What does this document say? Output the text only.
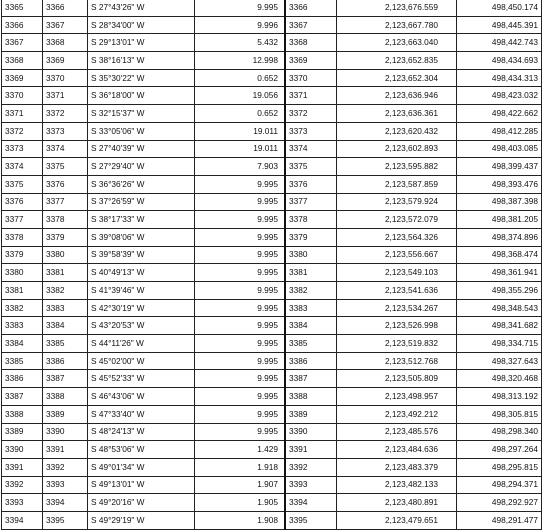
3365	3366	S 27°43'26" W	9.995	3366	2,123,676.559	498,450.174
3366	3367	S 28°34'00" W	9.996	3367	2,123,667.780	498,445.391
3367	3368	S 29°13'01" W	5.432	3368	2,123,663.040	498,442.743
3368	3369	S 38°16'13" W	12.998	3369	2,123,652.835	498,434.693
3369	3370	S 35°30'22" W	0.652	3370	2,123,652.304	498,434.313
3370	3371	S 36°18'00" W	19.056	3371	2,123,636.946	498,423.032
3371	3372	S 32°15'37" W	0.652	3372	2,123,636.361	498,422.662
3372	3373	S 33°05'06" W	19.011	3373	2,123,620.432	498,412.285
3373	3374	S 27°40'39" W	19.011	3374	2,123,602.893	498,403.085
3374	3375	S 27°29'40" W	7.903	3375	2,123,595.882	498,399.437
3375	3376	S 36°36'26" W	9.995	3376	2,123,587.859	498,393.476
3376	3377	S 37°26'59" W	9.995	3377	2,123,579.924	498,387.398
3377	3378	S 38°17'33" W	9.995	3378	2,123,572.079	498,381.205
3378	3379	S 39°08'06" W	9.995	3379	2,123,564.326	498,374.896
3379	3380	S 39°58'39" W	9.995	3380	2,123,556.667	498,368.474
3380	3381	S 40°49'13" W	9.995	3381	2,123,549.103	498,361.941
3381	3382	S 41°39'46" W	9.995	3382	2,123,541.636	498,355.296
3382	3383	S 42°30'19" W	9.995	3383	2,123,534.267	498,348.543
3383	3384	S 43°20'53" W	9.995	3384	2,123,526.998	498,341.682
3384	3385	S 44°11'26" W	9.995	3385	2,123,519.832	498,334.715
3385	3386	S 45°02'00" W	9.995	3386	2,123,512.768	498,327.643
3386	3387	S 45°52'33" W	9.995	3387	2,123,505.809	498,320.468
3387	3388	S 46°43'06" W	9.995	3388	2,123,498.957	498,313.192
3388	3389	S 47°33'40" W	9.995	3389	2,123,492.212	498,305.815
3389	3390	S 48°24'13" W	9.995	3390	2,123,485.576	498,298.340
3390	3391	S 48°53'06" W	1.429	3391	2,123,484.636	498,297.264
3391	3392	S 49°01'34" W	1.918	3392	2,123,483.379	498,295.815
3392	3393	S 49°13'01" W	1.907	3393	2,123,482.133	498,294.371
3393	3394	S 49°20'16" W	1.905	3394	2,123,480.891	498,292.927
3394	3395	S 49°29'19" W	1.908	3395	2,123,479.651	498,291.477
